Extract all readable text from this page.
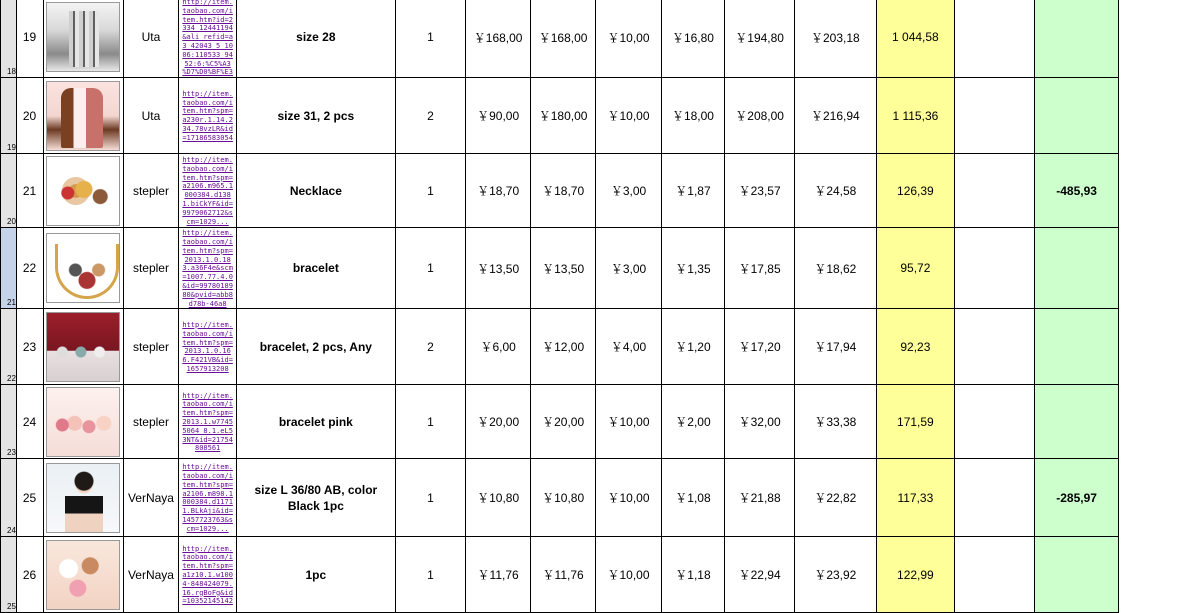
18	19		Uta	http://item.taobao.com/item.htm?id=2334 12441194&ali_refid=a3_42043 5_1006:110533 9452:6:%C5%A3 %D7%D0%BF%E3	size 28	1	￥168,00	￥168,00	￥10,00	￥16,80	￥194,80	￥203,18	1 044,58		

19	20		Uta	http://item.taobao.com/item.htm?spm=a230r.1.14.234.78vzLR&id=17186583054	size 31, 2 pcs	2	￥90,00	￥180,00	￥10,00	￥18,00	￥208,00	￥216,94	1 115,36		

20	21		stepler	http://item.taobao.com/item.htm?spm=a2106.m965.1000384.d1381.biCkYF&id=9979062712&scm=1029...	Necklace	1	￥18,70	￥18,70	￥3,00	￥1,87	￥23,57	￥24,58	126,39		-485,93

21	22		stepler	http://item.taobao.com/item.htm?spm=2013.1.0.183.a36F4e&scm=1007.77.4.0&id=9978018980&pvid=abb8d78b-46a8	bracelet	1	￥13,50	￥13,50	￥3,00	￥1,35	￥17,85	￥18,62	95,72		

22	23		stepler	http://item.taobao.com/item.htm?spm=2013.1.0.166.F421VB&id=1657913208	bracelet, 2 pcs, Any	2	￥6,00	￥12,00	￥4,00	￥1,20	￥17,20	￥17,94	92,23		

23	24		stepler	http://item.taobao.com/item.htm?spm=2013.1.w77455064 8.1.eL53NT&id=21754808561	bracelet pink	1	￥20,00	￥20,00	￥10,00	￥2,00	￥32,00	￥33,38	171,59		

24	25		VerNaya	http://item.taobao.com/item.htm?spm=a2106.m898.1000384.d11711.BLkAji&id=1457723763&scm=1029...	size L 36/80 AB, color Black 1pc	1	￥10,80	￥10,80	￥10,00	￥1,08	￥21,88	￥22,82	117,33		-285,97

25	26		VerNaya	http://item.taobao.com/item.htm?spm=a1z10.1.w1004-848424079.16.rgBoFg&id=10352145142	1pc	1	￥11,76	￥11,76	￥10,00	￥1,18	￥22,94	￥23,92	122,99		
